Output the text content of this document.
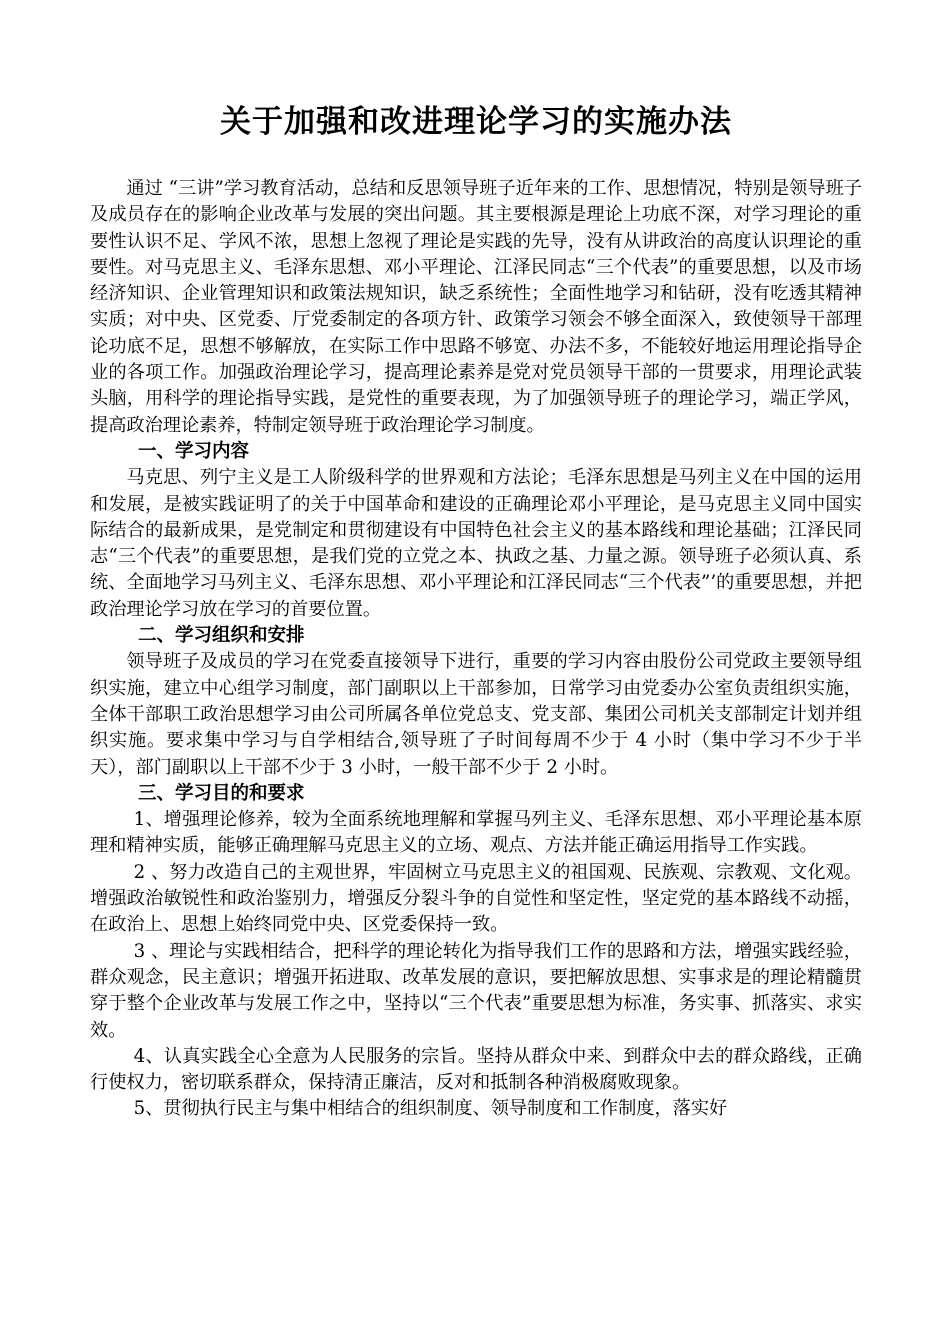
关于加强和改进理论学习的实施办法

通过 “三讲”学习教育活动，总结和反思领导班子近年来的工作、思想情况，特别是领导班子及成员存在的影响企业改革与发展的突出问题。其主要根源是理论上功底不深，对学习理论的重要性认识不足、学风不浓，思想上忽视了理论是实践的先导，没有从讲政治的高度认识理论的重要性。对马克思主义、毛泽东思想、邓小平理论、江泽民同志“三个代表”的重要思想，以及市场经济知识、企业管理知识和政策法规知识，缺乏系统性；全面性地学习和钻研，没有吃透其精神实质；对中央、区党委、厅党委制定的各项方针、政策学习领会不够全面深入，致使领导干部理论功底不足，思想不够解放，在实际工作中思路不够宽、办法不多，不能较好地运用理论指导企业的各项工作。加强政治理论学习，提高理论素养是党对党员领导干部的一贯要求，用理论武装头脑，用科学的理论指导实践，是党性的重要表现，为了加强领导班子的理论学习，端正学风，提高政治理论素养，特制定领导班于政治理论学习制度。

一、学习内容

马克思、列宁主义是工人阶级科学的世界观和方法论；毛泽东思想是马列主义在中国的运用和发展，是被实践证明了的关于中国革命和建设的正确理论邓小平理论，是马克思主义同中国实际结合的最新成果，是党制定和贯彻建设有中国特色社会主义的基本路线和理论基础；江泽民同志“三个代表”的重要思想，是我们党的立党之本、执政之基、力量之源。领导班子必须认真、系统、全面地学习马列主义、毛泽东思想、邓小平理论和江泽民同志“三个代表”’的重要思想，并把政治理论学习放在学习的首要位置。

二、学习组织和安排

领导班子及成员的学习在党委直接领导下进行，重要的学习内容由股份公司党政主要领导组织实施，建立中心组学习制度，部门副职以上干部参加，日常学习由党委办公室负责组织实施，全体干部职工政治思想学习由公司所属各单位党总支、党支部、集团公司机关支部制定计划并组织实施。要求集中学习与自学相结合,领导班了子时间每周不少于 4 小时（集中学习不少于半天），部门副职以上干部不少于 3 小时，一般干部不少于 2 小时。

三、学习目的和要求

1、增强理论修养，较为全面系统地理解和掌握马列主义、毛泽东思想、邓小平理论基本原理和精神实质，能够正确理解马克思主义的立场、观点、方法并能正确运用指导工作实践。

2 、努力改造自己的主观世界，牢固树立马克思主义的祖国观、民族观、宗教观、文化观。增强政治敏锐性和政治鉴别力，增强反分裂斗争的自觉性和坚定性，坚定党的基本路线不动摇，在政治上、思想上始终同党中央、区党委保持一致。

3 、理论与实践相结合，把科学的理论转化为指导我们工作的思路和方法，增强实践经验，群众观念，民主意识；增强开拓进取、改革发展的意识，要把解放思想、实事求是的理论精髓贯穿于整个企业改革与发展工作之中，坚持以“三个代表”重要思想为标准，务实事、抓落实、求实效。

4、认真实践全心全意为人民服务的宗旨。坚持从群众中来、到群众中去的群众路线，正确行使权力，密切联系群众，保持清正廉洁，反对和抵制各种消极腐败现象。

5、贯彻执行民主与集中相结合的组织制度、领导制度和工作制度，落实好
